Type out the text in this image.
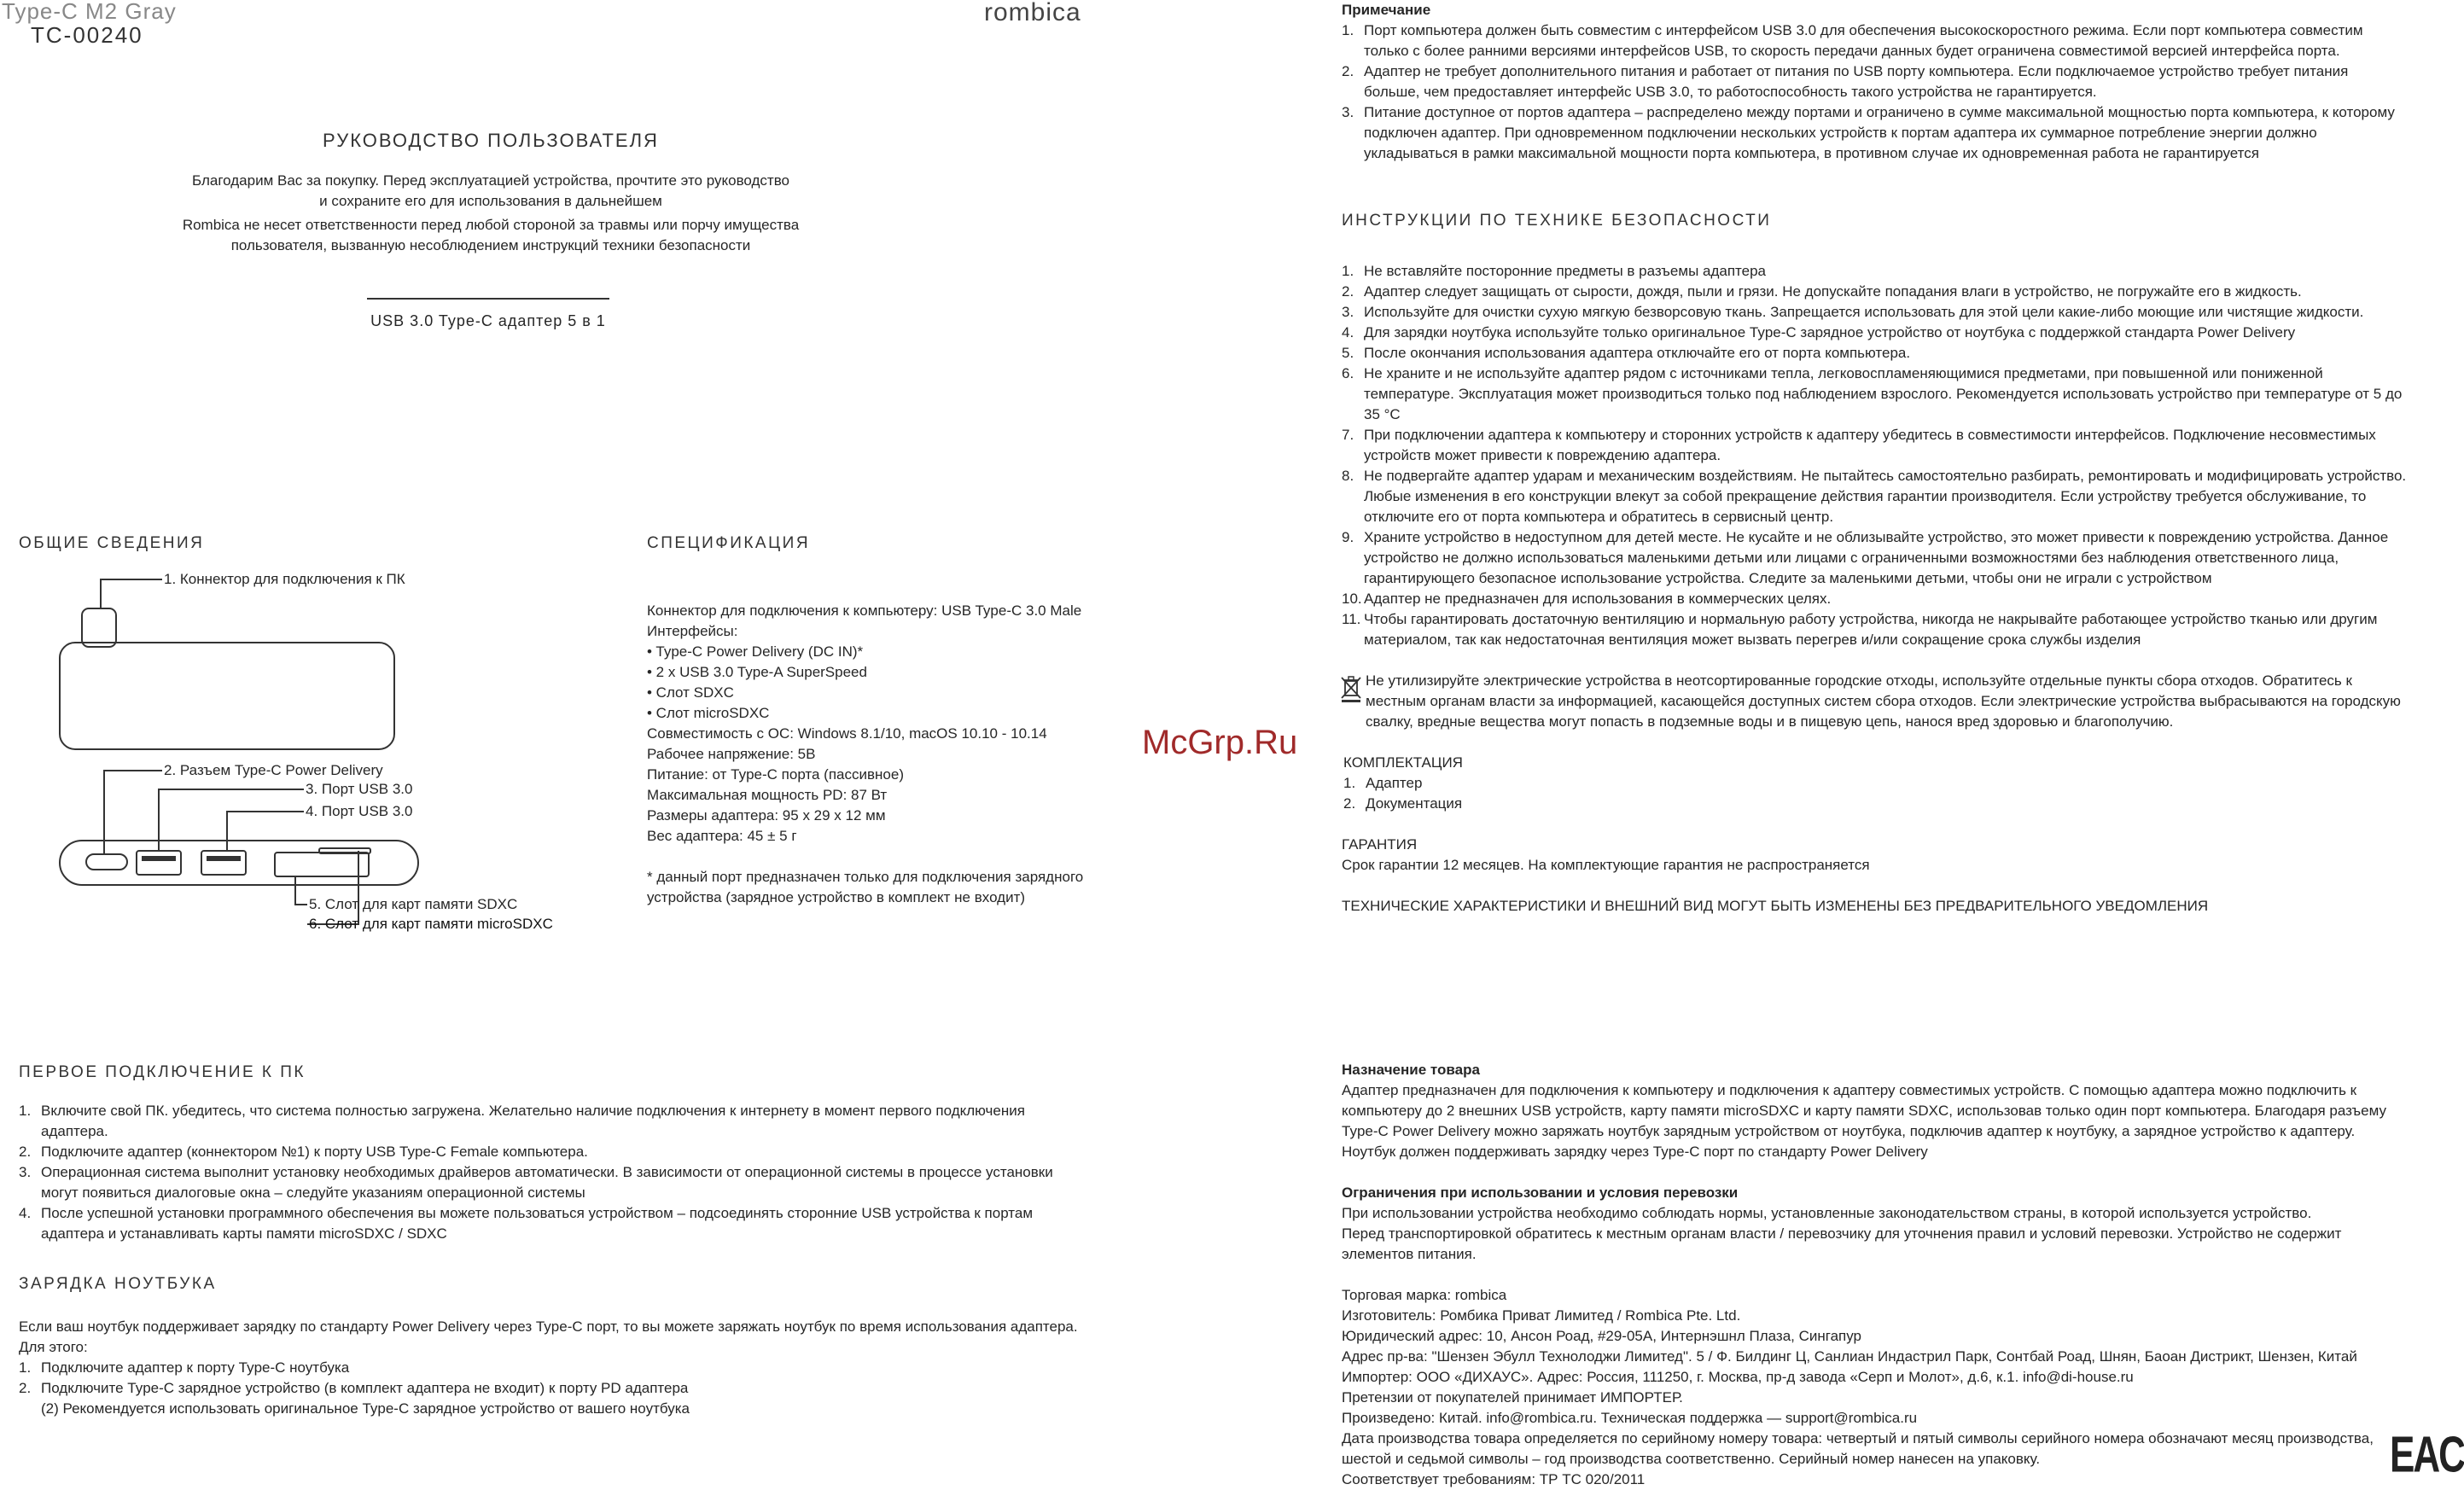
Type-C M2 Gray
TC-00240
rombica
РУКОВОДСТВО ПОЛЬЗОВАТЕЛЯ
Благодарим Вас за покупку. Перед эксплуатацией устройства, прочтите это руководство
и сохраните его для использования в дальнейшем
Rombica не несет ответственности перед любой стороной за травмы или порчу имущества
пользователя, вызванную несоблюдением инструкций техники безопасности
USB 3.0 Type-C адаптер 5 в 1
ОБЩИЕ СВЕДЕНИЯ
1. Коннектор для подключения к ПК
2. Разъем Type-C Power Delivery
3. Порт USB 3.0
4. Порт USB 3.0
5. Слот для карт памяти SDXC
6. Слот для карт памяти microSDXC
СПЕЦИФИКАЦИЯ
Коннектор для подключения к компьютеру: USB Type-C 3.0 Male
Интерфейсы:
• Type-C Power Delivery (DC IN)*
• 2 х USB 3.0 Type-A SuperSpeed
• Слот SDXC
• Слот microSDXC
Совместимость с ОС: Windows 8.1/10, macOS 10.10 - 10.14
Рабочее напряжение: 5В
Питание: от Type-C порта (пассивное)
Максимальная мощность PD: 87 Вт
Размеры адаптера: 95 х 29 х 12 мм
Вес адаптера: 45 ± 5 г
* данный порт предназначен только для подключения зарядного
устройства (зарядное устройство в комплект не входит)
ПЕРВОЕ ПОДКЛЮЧЕНИЕ К ПК
1. Включите свой ПК. убедитесь, что система полностью загружена. Желательно наличие подключения к интернету в момент первого подключения адаптера.
2. Подключите адаптер (коннектором №1) к порту USB Type-C Female компьютера.
3. Операционная система выполнит установку необходимых драйверов автоматически. В зависимости от операционной системы в процессе установки могут появиться диалоговые окна – следуйте указаниям операционной системы
4. После успешной установки программного обеспечения вы можете пользоваться устройством – подсоединять сторонние USB устройства к портам адаптера и устанавливать карты памяти microSDXC / SDXC
ЗАРЯДКА НОУТБУКА
Если ваш ноутбук поддерживает зарядку по стандарту Power Delivery через Type-C порт, то вы можете заряжать ноутбук по время использования адаптера.
Для этого:
1. Подключите адаптер к порту Type-C ноутбука
2. Подключите Type-C зарядное устройство (в комплект адаптера не входит) к порту PD адаптера (2) Рекомендуется использовать оригинальное Type-C зарядное устройство от вашего ноутбука
Примечание
1. Порт компьютера должен быть совместим с интерфейсом USB 3.0 для обеспечения высокоскоростного режима. Если порт компьютера совместим только с более ранними версиями интерфейсов USB, то скорость передачи данных будет ограничена совместимой версией интерфейса порта.
2. Адаптер не требует дополнительного питания и работает от питания по USB порту компьютера. Если подключаемое устройство требует питания больше, чем предоставляет интерфейс USB 3.0, то работоспособность такого устройства не гарантируется.
3. Питание доступное от портов адаптера – распределено между портами и ограничено в сумме максимальной мощностью порта компьютера, к которому подключен адаптер. При одновременном подключении нескольких устройств к портам адаптера их суммарное потребление энергии должно укладываться в рамки максимальной мощности порта компьютера, в противном случае их одновременная работа не гарантируется
ИНСТРУКЦИИ ПО ТЕХНИКЕ БЕЗОПАСНОСТИ
1. Не вставляйте посторонние предметы в разъемы адаптера
2. Адаптер следует защищать от сырости, дождя, пыли и грязи. Не допускайте попадания влаги в устройство, не погружайте его в жидкость.
3. Используйте для очистки сухую мягкую безворсовую ткань. Запрещается использовать для этой цели какие-либо моющие или чистящие жидкости.
4. Для зарядки ноутбука используйте только оригинальное Type-C зарядное устройство от ноутбука с поддержкой стандарта Power Delivery
5. После окончания использования адаптера отключайте его от порта компьютера.
6. Не храните и не используйте адаптер рядом с источниками тепла, легковоспламеняющимися предметами, при повышенной или пониженной температуре. Эксплуатация может производиться только под наблюдением взрослого. Рекомендуется использовать устройство при температуре от 5 до 35 °С
7. При подключении адаптера к компьютеру и сторонних устройств к адаптеру убедитесь в совместимости интерфейсов. Подключение несовместимых устройств может привести к повреждению адаптера.
8. Не подвергайте адаптер ударам и механическим воздействиям. Не пытайтесь самостоятельно разбирать, ремонтировать и модифицировать устройство. Любые изменения в его конструкции влекут за собой прекращение действия гарантии производителя. Если устройству требуется обслуживание, то отключите его от порта компьютера и обратитесь в сервисный центр.
9. Храните устройство в недоступном для детей месте. Не кусайте и не облизывайте устройство, это может привести к повреждению устройства. Данное устройство не должно использоваться маленькими детьми или лицами с ограниченными возможностями без наблюдения ответственного лица, гарантирующего безопасное использование устройства. Следите за маленькими детьми, чтобы они не играли с устройством
10. Адаптер не предназначен для использования в коммерческих целях.
11. Чтобы гарантировать достаточную вентиляцию и нормальную работу устройства, никогда не накрывайте работающее устройство тканью или другим материалом, так как недостаточная вентиляция может вызвать перегрев и/или сокращение срока службы изделия
Не утилизируйте электрические устройства в неотсортированные городские отходы, используйте отдельные пункты сбора отходов. Обратитесь к местным органам власти за информацией, касающейся доступных систем сбора отходов. Если электрические устройства выбрасываются на городскую свалку, вредные вещества могут попасть в подземные воды и в пищевую цепь, нанося вред здоровью и благополучию.
McGrp.Ru
КОМПЛЕКТАЦИЯ
1. Адаптер
2. Документация
ГАРАНТИЯ
Срок гарантии 12 месяцев. На комплектующие гарантия не распространяется
ТЕХНИЧЕСКИЕ ХАРАКТЕРИСТИКИ И ВНЕШНИЙ ВИД МОГУТ БЫТЬ ИЗМЕНЕНЫ БЕЗ ПРЕДВАРИТЕЛЬНОГО УВЕДОМЛЕНИЯ
Назначение товара
Адаптер предназначен для подключения к компьютеру и подключения к адаптеру совместимых устройств. С помощью адаптера можно подключить к
компьютеру до 2 внешних USB устройств, карту памяти microSDXC и карту памяти SDXC, использовав только один порт компьютера. Благодаря разъему
Type-C Power Delivery можно заряжать ноутбук зарядным устройством от ноутбука, подключив адаптер к ноутбуку, а зарядное устройство к адаптеру.
Ноутбук должен поддерживать зарядку через Type-C порт по стандарту Power Delivery
Ограничения при использовании и условия перевозки
При использовании устройства необходимо соблюдать нормы, установленные законодательством страны, в которой используется устройство.
Перед транспортировкой обратитесь к местным органам власти / перевозчику для уточнения правил и условий перевозки. Устройство не содержит
элементов питания.
Торговая марка: rombica
Изготовитель: Ромбика Приват Лимитед / Rombica Pte. Ltd.
Юридический адрес: 10, Ансон Роад, #29-05А, Интернэшнл Плаза, Сингапур
Адрес пр-ва: "Шензен Эбулл Технолоджи Лимитед". 5 / Ф. Билдинг Ц, Санлиан Индастрил Парк, Сонтбай Роад, Шнян, Баоан Дистрикт, Шензен, Китай
Импортер: ООО «ДИХАУС». Адрес: Россия, 111250, г. Москва, пр-д завода «Серп и Молот», д.6, к.1. info@di-house.ru
Претензии от покупателей принимает ИМПОРТЕР.
Произведено: Китай. info@rombica.ru. Техническая поддержка — support@rombica.ru
Дата производства товара определяется по серийному номеру товара: четвертый и пятый символы серийного номера обозначают месяц производства,
шестой и седьмой символы – год производства соответственно. Серийный номер нанесен на упаковку.
Соответствует требованиям: ТР ТС 020/2011	EAC
